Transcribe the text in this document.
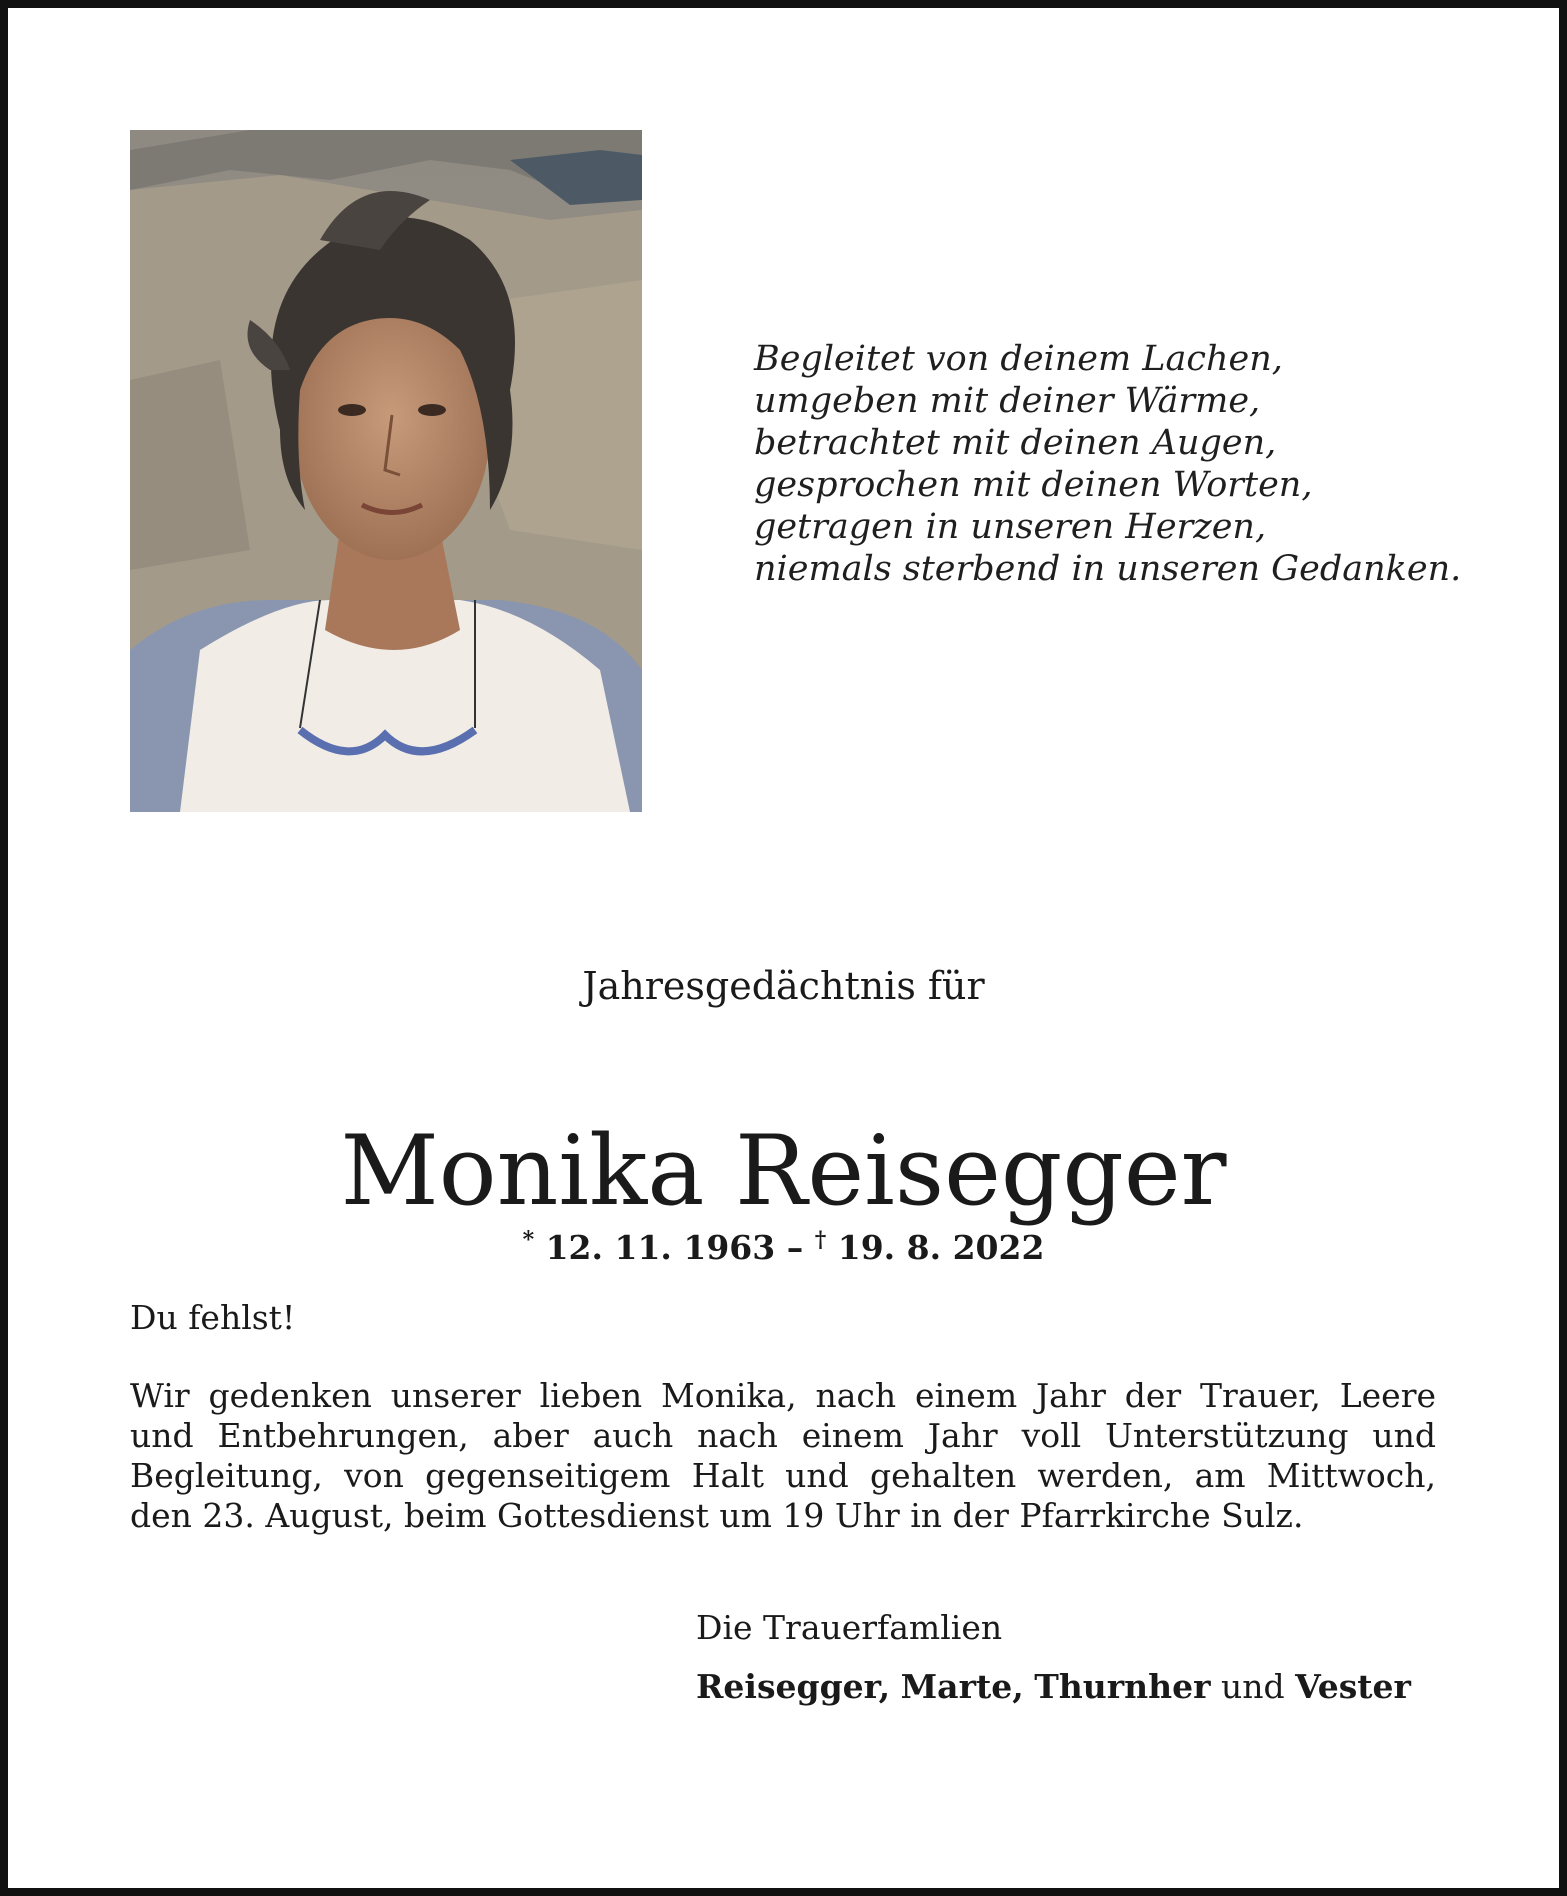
Begleitet von deinem Lachen,
umgeben mit deiner Wärme,
betrachtet mit deinen Augen,
gesprochen mit deinen Worten,
getragen in unseren Herzen,
niemals sterbend in unseren Gedanken.
Jahresgedächtnis für
Monika Reisegger
* 12. 11. 1963 – † 19. 8. 2022
Du fehlst!
Wir gedenken unserer lieben Monika, nach einem Jahr der Trauer, Leere
und Entbehrungen, aber auch nach einem Jahr voll Unterstützung und
Begleitung, von gegenseitigem Halt und gehalten werden, am Mittwoch,
den 23. August, beim Gottesdienst um 19 Uhr in der Pfarrkirche Sulz.
Die Trauerfamlien
Reisegger, Marte, Thurnher und Vester
